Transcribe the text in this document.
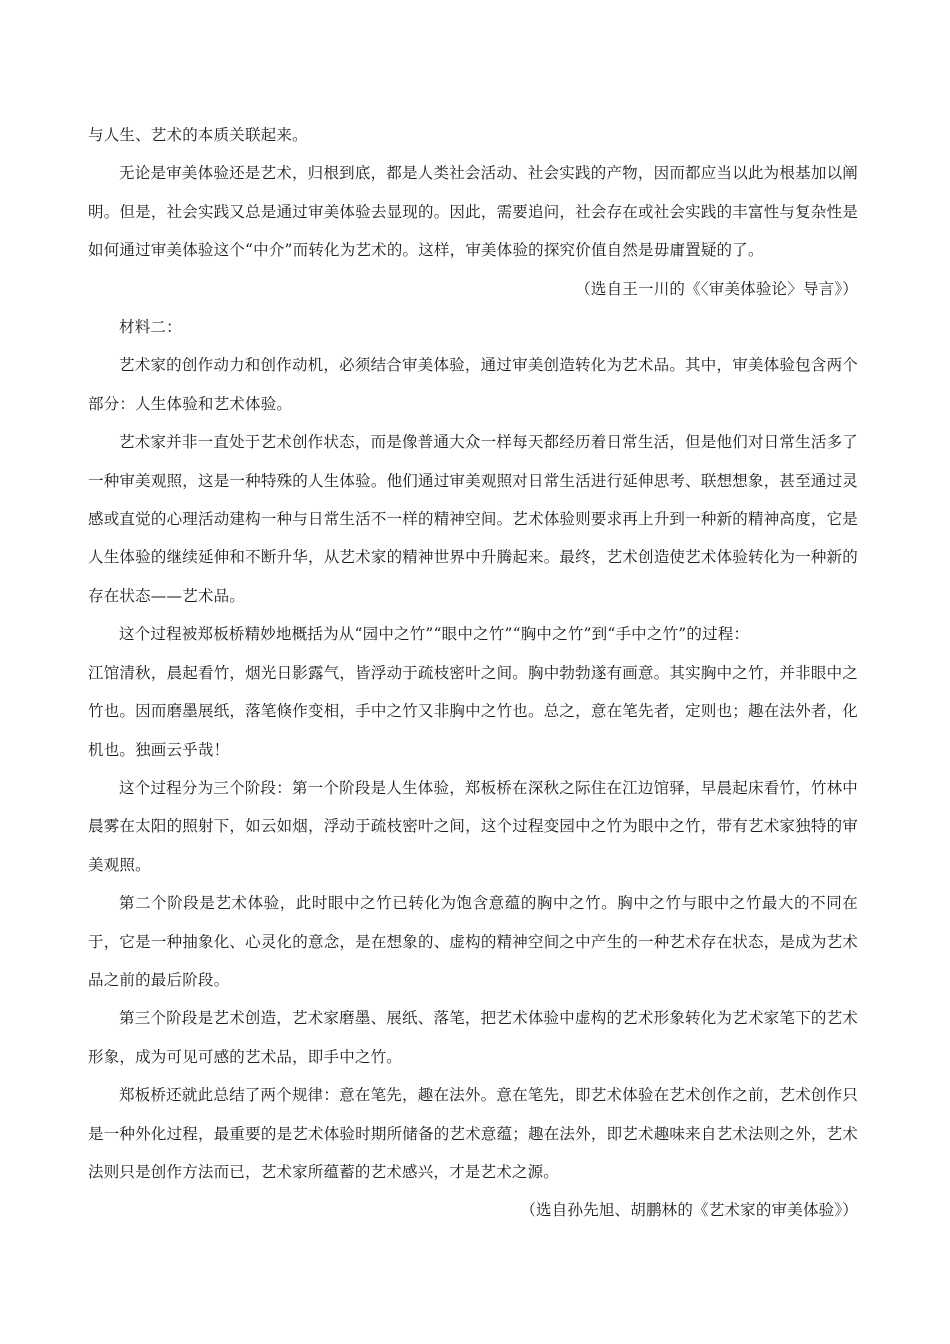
与人生、艺术的本质关联起来。

无论是审美体验还是艺术，归根到底，都是人类社会活动、社会实践的产物，因而都应当以此为根基加以阐明。但是，社会实践又总是通过审美体验去显现的。因此，需要追问，社会存在或社会实践的丰富性与复杂性是如何通过审美体验这个“中介”而转化为艺术的。这样，审美体验的探究价值自然是毋庸置疑的了。

（选自王一川的《〈审美体验论〉导言》）

材料二：

艺术家的创作动力和创作动机，必须结合审美体验，通过审美创造转化为艺术品。其中，审美体验包含两个部分：人生体验和艺术体验。

艺术家并非一直处于艺术创作状态，而是像普通大众一样每天都经历着日常生活，但是他们对日常生活多了一种审美观照，这是一种特殊的人生体验。他们通过审美观照对日常生活进行延伸思考、联想想象，甚至通过灵感或直觉的心理活动建构一种与日常生活不一样的精神空间。艺术体验则要求再上升到一种新的精神高度，它是人生体验的继续延伸和不断升华，从艺术家的精神世界中升腾起来。最终，艺术创造使艺术体验转化为一种新的存在状态——艺术品。

这个过程被郑板桥精妙地概括为从“园中之竹”“眼中之竹”“胸中之竹”到“手中之竹”的过程：

江馆清秋，晨起看竹，烟光日影露气，皆浮动于疏枝密叶之间。胸中勃勃遂有画意。其实胸中之竹，并非眼中之竹也。因而磨墨展纸，落笔倏作变相，手中之竹又非胸中之竹也。总之，意在笔先者，定则也；趣在法外者，化机也。独画云乎哉！

这个过程分为三个阶段：第一个阶段是人生体验，郑板桥在深秋之际住在江边馆驿，早晨起床看竹，竹林中晨雾在太阳的照射下，如云如烟，浮动于疏枝密叶之间，这个过程变园中之竹为眼中之竹，带有艺术家独特的审美观照。

第二个阶段是艺术体验，此时眼中之竹已转化为饱含意蕴的胸中之竹。胸中之竹与眼中之竹最大的不同在于，它是一种抽象化、心灵化的意念，是在想象的、虚构的精神空间之中产生的一种艺术存在状态，是成为艺术品之前的最后阶段。

第三个阶段是艺术创造，艺术家磨墨、展纸、落笔，把艺术体验中虚构的艺术形象转化为艺术家笔下的艺术形象，成为可见可感的艺术品，即手中之竹。

郑板桥还就此总结了两个规律：意在笔先，趣在法外。意在笔先，即艺术体验在艺术创作之前，艺术创作只是一种外化过程，最重要的是艺术体验时期所储备的艺术意蕴；趣在法外，即艺术趣味来自艺术法则之外，艺术法则只是创作方法而已，艺术家所蕴蓄的艺术感兴，才是艺术之源。

（选自孙先旭、胡鹏林的《艺术家的审美体验》）
